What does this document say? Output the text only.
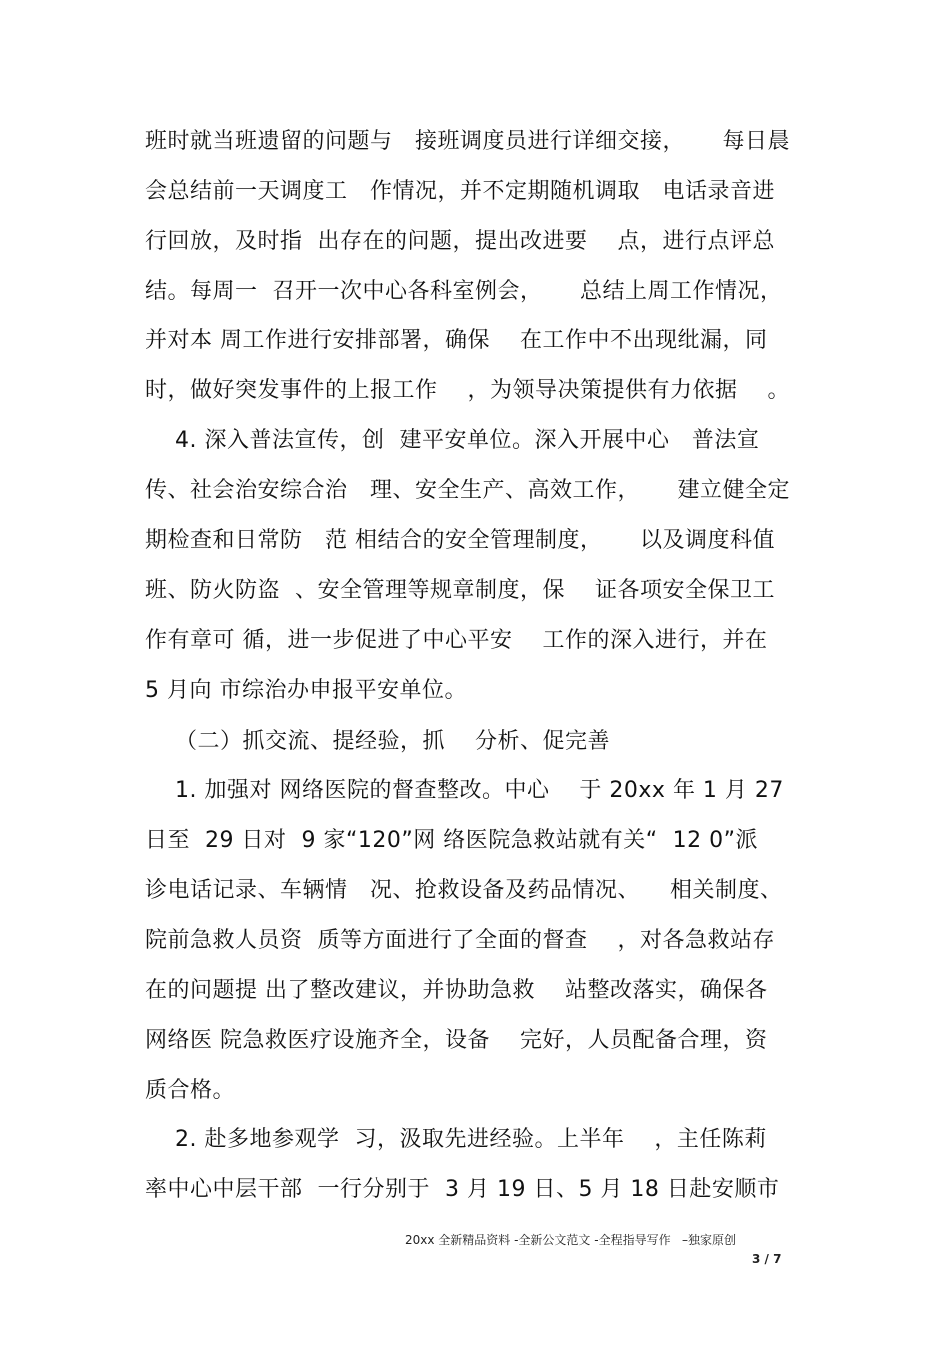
班时就当班遗留的问题与   接班调度员进行详细交接，     每日晨
会总结前一天调度工   作情况，并不定期随机调取   电话录音进
行回放，及时指  出存在的问题，提出改进要    点，进行点评总
结。每周一  召开一次中心各科室例会，     总结上周工作情况，
并对本 周工作进行安排部署，确保    在工作中不出现纰漏，同
时，做好突发事件的上报工作    ，为领导决策提供有力依据    。
4. 深入普法宣传，创  建平安单位。深入开展中心   普法宣
传、社会治安综合治   理、安全生产、高效工作，     建立健全定
期检查和日常防   范 相结合的安全管理制度，     以及调度科值
班、防火防盗  、安全管理等规章制度，保    证各项安全保卫工
作有章可 循，进一步促进了中心平安    工作的深入进行，并在
5 月向 市综治办申报平安单位。
（二）抓交流、提经验，抓    分析、促完善
1. 加强对 网络医院的督查整改。中心    于 20xx 年 1 月 27
日至  29 日对  9 家“120”网 络医院急救站就有关“  12 0”派
诊电话记录、车辆情   况、抢救设备及药品情况、    相关制度、
院前急救人员资  质等方面进行了全面的督查    ，对各急救站存
在的问题提 出了整改建议，并协助急救    站整改落实，确保各
网络医 院急救医疗设施齐全，设备    完好，人员配备合理，资
质合格。
2. 赴多地参观学  习，汲取先进经验。上半年    ，主任陈莉
率中心中层干部  一行分别于  3 月 19 日、5 月 18 日赴安顺市
20xx 全新精品资料 -全新公文范文 -全程指导写作   –独家原创
3 / 7
